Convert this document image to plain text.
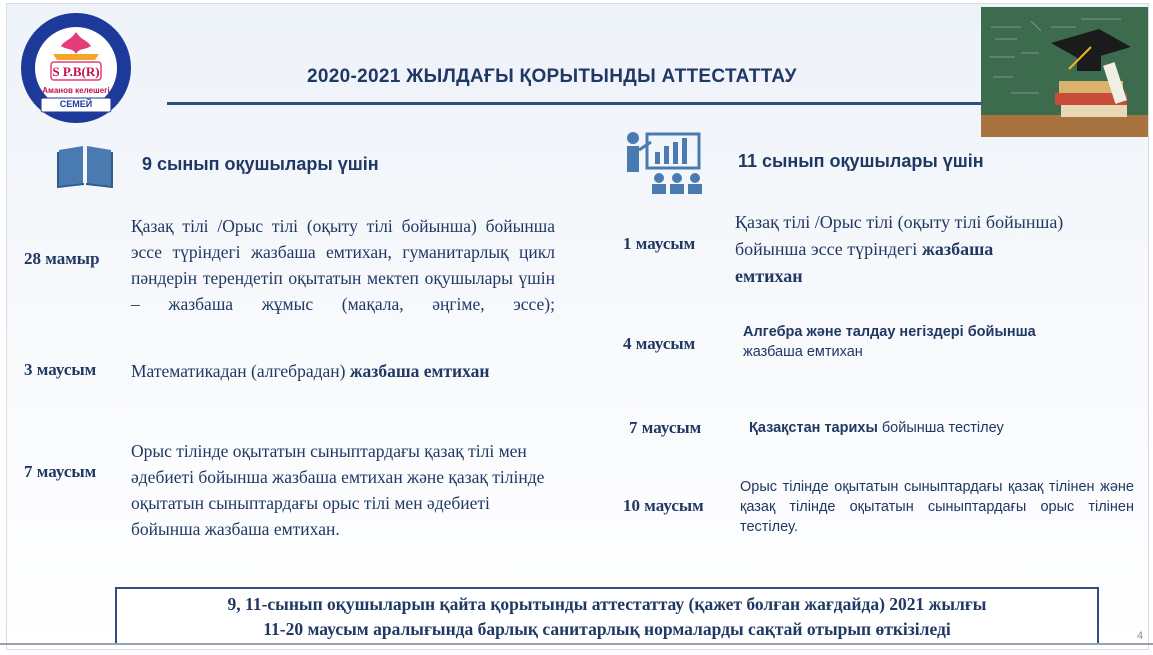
S P.B(R)
Аманов келешегі
СЕМЕЙ
2020-2021 ЖЫЛДАҒЫ ҚОРЫТЫНДЫ АТТЕСТАТТАУ
9 сынып оқушылары үшін
28 мамыр
Қазақ тілі /Орыс тілі (оқыту тілі бойынша) бойынша эссе түріндегі жазбаша емтихан, гуманитарлық цикл пәндерін терендетіп оқытатын мектеп оқушылары үшін – жазбаша жұмыс (мақала, әңгіме, эссе);
3 маусым Математикадан (алгебрадан) жазбаша емтихан
7 маусым
Орыс тілінде оқытатын сыныптардағы қазақ тілі мен әдебиеті бойынша жазбаша емтихан және қазақ тілінде оқытатын сыныптардағы орыс тілі мен әдебиеті бойынша жазбаша емтихан.
11 сынып оқушылары үшін
1 маусым
Қазақ тілі /Орыс тілі (оқыту тілі бойынша) бойынша эссе түріндегі жазбаша емтихан
4 маусым
Алгебра және талдау негіздері бойынша
жазбаша емтихан
7 маусым	Қазақстан тарихы бойынша тестілеу
10 маусым
Орыс тілінде оқытатын сыныптардағы қазақ тілінен және қазақ тілінде оқытатын сыныптардағы орыс тілінен тестілеу.
9, 11-сынып оқушыларын қайта қорытынды аттестаттау (қажет болған жағдайда) 2021 жылғы
11-20 маусым аралығында барлық санитарлық нормаларды сақтай отырып өткізіледі	4
